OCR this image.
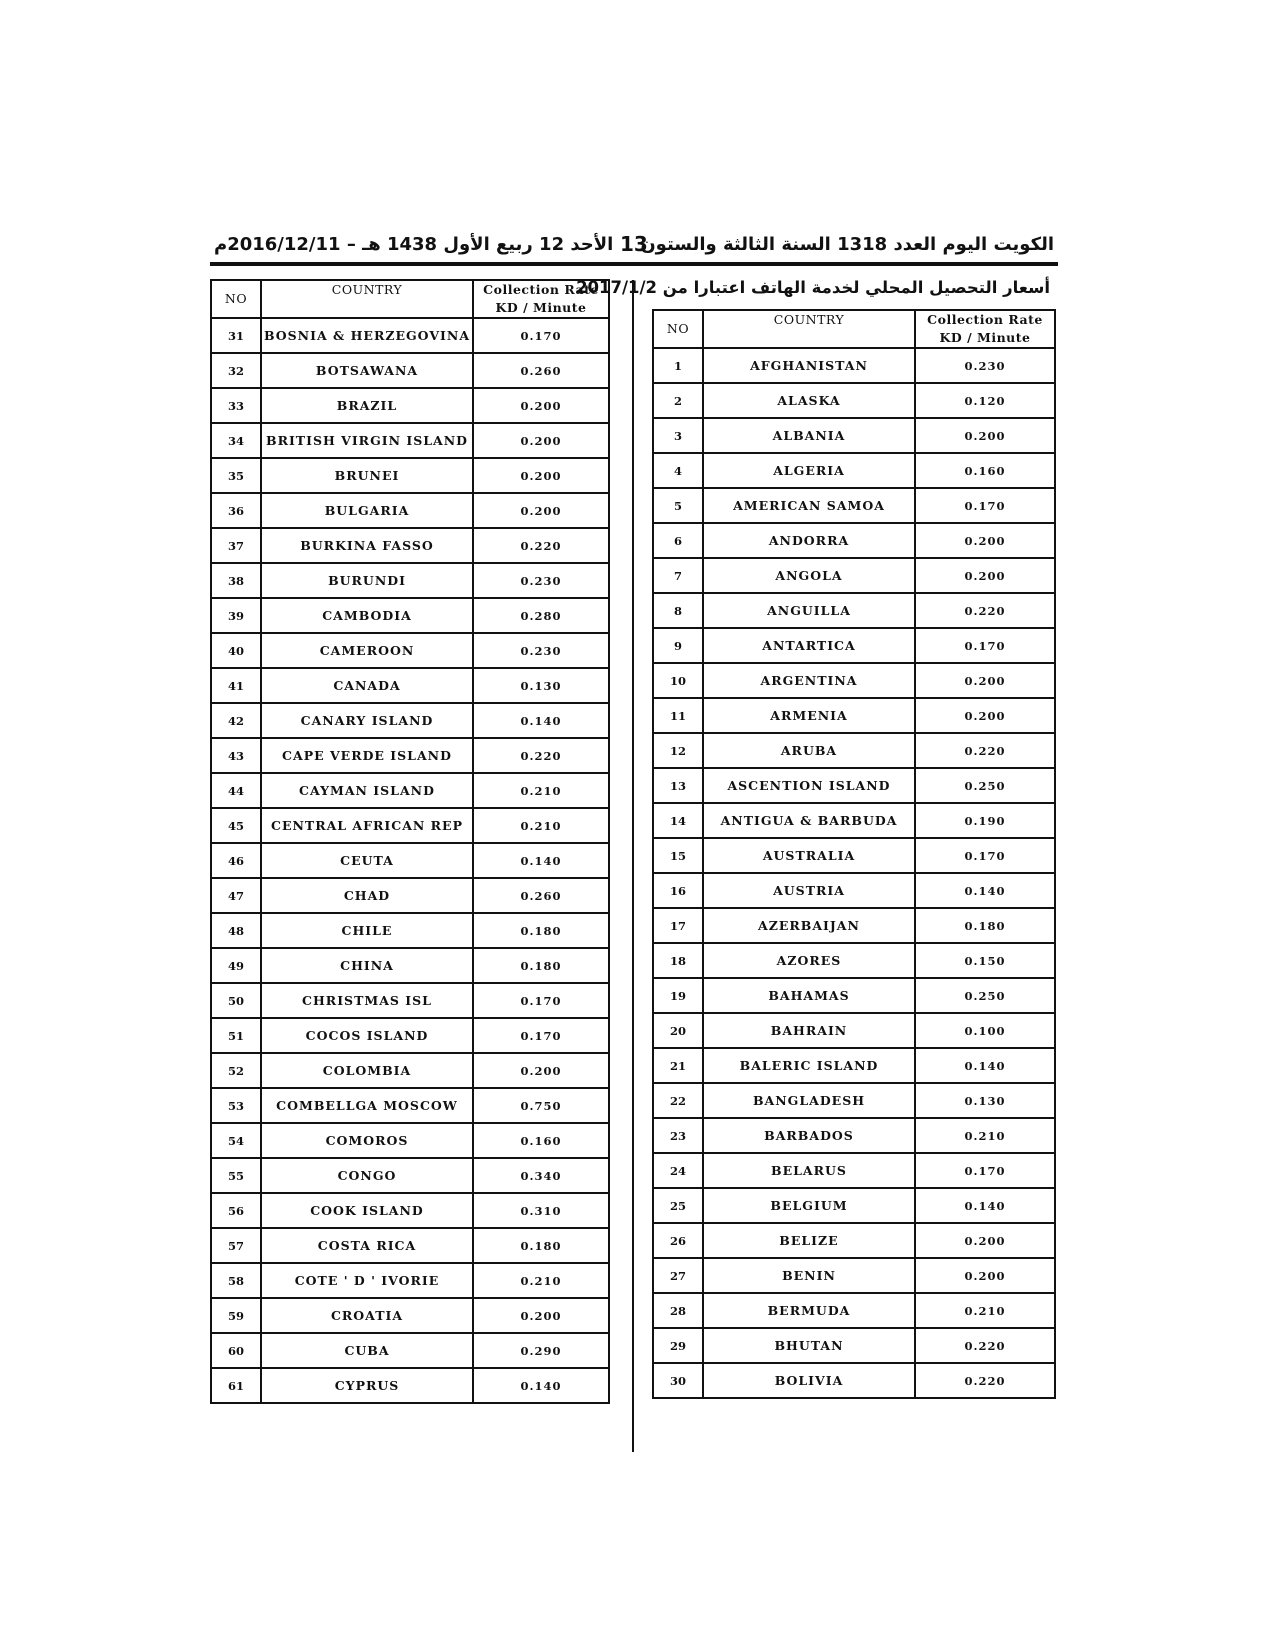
الأحد 12 ربيع الأول 1438 هـ – 2016/12/11م 13
الكويت اليوم العدد 1318 السنة الثالثة والستون
أسعار التحصيل المحلي لخدمة الهاتف اعتبارا من 2017/1/2
NO	COUNTRY	Collection Rate
KD / Minute

31	BOSNIA & HERZEGOVINA	0.170
32	BOTSAWANA	0.260
33	BRAZIL	0.200
34	BRITISH VIRGIN ISLAND	0.200
35	BRUNEI	0.200
36	BULGARIA	0.200
37	BURKINA FASSO	0.220
38	BURUNDI	0.230
39	CAMBODIA	0.280
40	CAMEROON	0.230
41	CANADA	0.130
42	CANARY ISLAND	0.140
43	CAPE VERDE ISLAND	0.220
44	CAYMAN ISLAND	0.210
45	CENTRAL AFRICAN REP	0.210
46	CEUTA	0.140
47	CHAD	0.260
48	CHILE	0.180
49	CHINA	0.180
50	CHRISTMAS ISL	0.170
51	COCOS ISLAND	0.170
52	COLOMBIA	0.200
53	COMBELLGA MOSCOW	0.750
54	COMOROS	0.160
55	CONGO	0.340
56	COOK ISLAND	0.310
57	COSTA RICA	0.180
58	COTE ' D ' IVORIE	0.210
59	CROATIA	0.200
60	CUBA	0.290
61	CYPRUS	0.140
NO	COUNTRY	Collection Rate
KD / Minute

1	AFGHANISTAN	0.230
2	ALASKA	0.120
3	ALBANIA	0.200
4	ALGERIA	0.160
5	AMERICAN SAMOA	0.170
6	ANDORRA	0.200
7	ANGOLA	0.200
8	ANGUILLA	0.220
9	ANTARTICA	0.170
10	ARGENTINA	0.200
11	ARMENIA	0.200
12	ARUBA	0.220
13	ASCENTION ISLAND	0.250
14	ANTIGUA & BARBUDA	0.190
15	AUSTRALIA	0.170
16	AUSTRIA	0.140
17	AZERBAIJAN	0.180
18	AZORES	0.150
19	BAHAMAS	0.250
20	BAHRAIN	0.100
21	BALERIC ISLAND	0.140
22	BANGLADESH	0.130
23	BARBADOS	0.210
24	BELARUS	0.170
25	BELGIUM	0.140
26	BELIZE	0.200
27	BENIN	0.200
28	BERMUDA	0.210
29	BHUTAN	0.220
30	BOLIVIA	0.220
